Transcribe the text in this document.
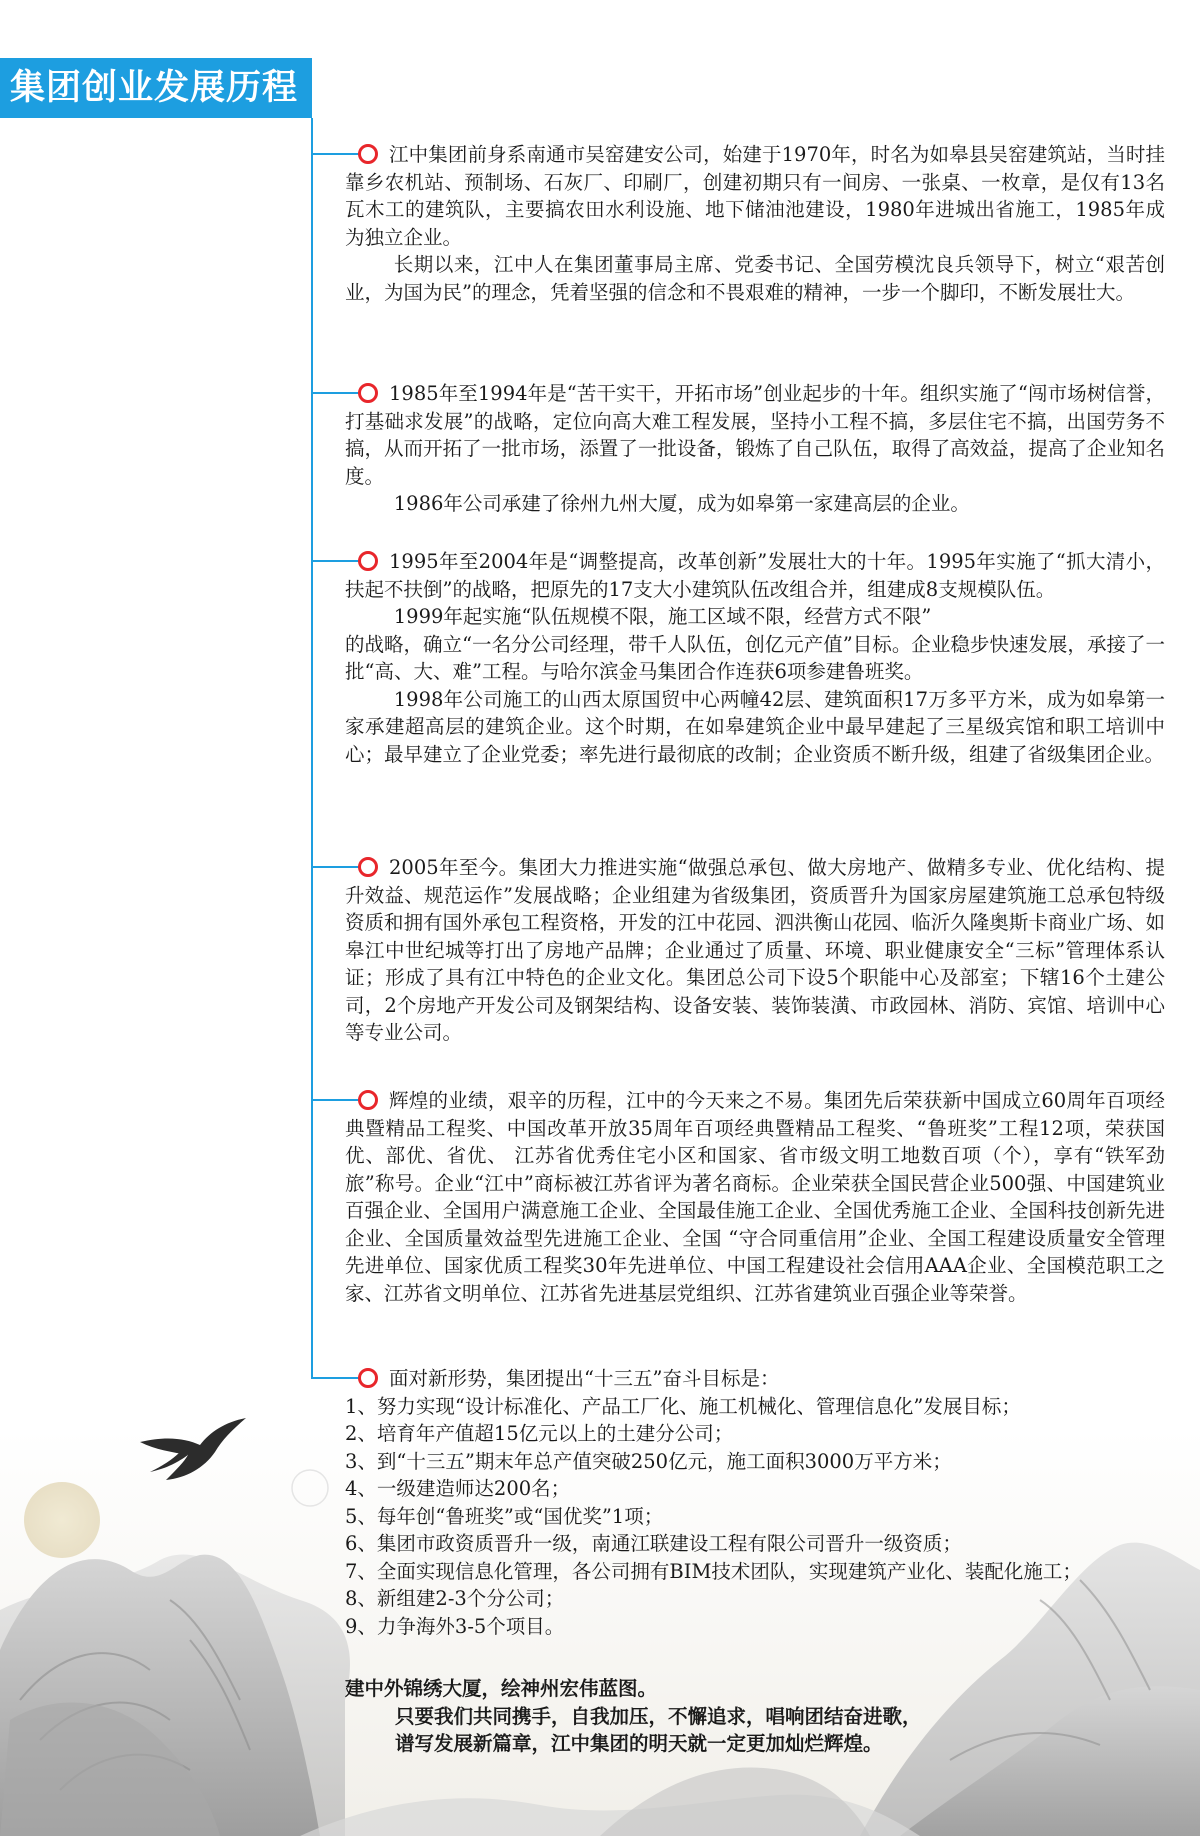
集团创业发展历程

江中集团前身系南通市吴窑建安公司，始建于1970年，时名为如皋县吴窑建筑站，当时挂靠乡农机站、预制场、石灰厂、印刷厂，创建初期只有一间房、一张桌、一枚章，是仅有13名瓦木工的建筑队，主要搞农田水利设施、地下储油池建设，1980年进城出省施工，1985年成为独立企业。

长期以来，江中人在集团董事局主席、党委书记、全国劳模沈良兵领导下，树立“艰苦创业，为国为民”的理念，凭着坚强的信念和不畏艰难的精神，一步一个脚印，不断发展壮大。

1985年至1994年是“苦干实干，开拓市场”创业起步的十年。组织实施了“闯市场树信誉，打基础求发展”的战略，定位向高大难工程发展，坚持小工程不搞，多层住宅不搞，出国劳务不搞，从而开拓了一批市场，添置了一批设备，锻炼了自己队伍，取得了高效益，提高了企业知名度。

1986年公司承建了徐州九州大厦，成为如皋第一家建高层的企业。

1995年至2004年是“调整提高，改革创新”发展壮大的十年。1995年实施了“抓大清小，扶起不扶倒”的战略，把原先的17支大小建筑队伍改组合并，组建成8支规模队伍。

1999年起实施“队伍规模不限，施工区域不限，经营方式不限”

的战略，确立“一名分公司经理，带千人队伍，创亿元产值”目标。企业稳步快速发展，承接了一批“高、大、难”工程。与哈尔滨金马集团合作连获6项参建鲁班奖。

1998年公司施工的山西太原国贸中心两幢42层、建筑面积17万多平方米，成为如皋第一家承建超高层的建筑企业。这个时期，在如皋建筑企业中最早建起了三星级宾馆和职工培训中心；最早建立了企业党委；率先进行最彻底的改制；企业资质不断升级，组建了省级集团企业。

2005年至今。集团大力推进实施“做强总承包、做大房地产、做精多专业、优化结构、提升效益、规范运作”发展战略；企业组建为省级集团，资质晋升为国家房屋建筑施工总承包特级资质和拥有国外承包工程资格，开发的江中花园、泗洪衡山花园、临沂久隆奥斯卡商业广场、如皋江中世纪城等打出了房地产品牌；企业通过了质量、环境、职业健康安全“三标”管理体系认证；形成了具有江中特色的企业文化。集团总公司下设5个职能中心及部室；下辖16个土建公司，2个房地产开发公司及钢架结构、设备安装、装饰装潢、市政园林、消防、宾馆、培训中心等专业公司。

辉煌的业绩，艰辛的历程，江中的今天来之不易。集团先后荣获新中国成立60周年百项经典暨精品工程奖、中国改革开放35周年百项经典暨精品工程奖、“鲁班奖”工程12项，荣获国优、部优、省优、 江苏省优秀住宅小区和国家、省市级文明工地数百项（个），享有“铁军劲旅”称号。企业“江中”商标被江苏省评为著名商标。企业荣获全国民营企业500强、中国建筑业百强企业、全国用户满意施工企业、全国最佳施工企业、全国优秀施工企业、全国科技创新先进企业、全国质量效益型先进施工企业、全国 “守合同重信用”企业、全国工程建设质量安全管理先进单位、国家优质工程奖30年先进单位、中国工程建设社会信用AAA企业、全国模范职工之家、江苏省文明单位、江苏省先进基层党组织、江苏省建筑业百强企业等荣誉。

面对新形势，集团提出“十三五”奋斗目标是：

1、努力实现“设计标准化、产品工厂化、施工机械化、管理信息化”发展目标；

2、培育年产值超15亿元以上的土建分公司；

3、到“十三五”期末年总产值突破250亿元，施工面积3000万平方米；

4、一级建造师达200名；

5、每年创“鲁班奖”或“国优奖”1项；

6、集团市政资质晋升一级，南通江联建设工程有限公司晋升一级资质；

7、全面实现信息化管理，各公司拥有BIM技术团队，实现建筑产业化、装配化施工；

8、新组建2-3个分公司；

9、力争海外3-5个项目。

建中外锦绣大厦，绘神州宏伟蓝图。

只要我们共同携手，自我加压，不懈追求，唱响团结奋进歌，

谱写发展新篇章，江中集团的明天就一定更加灿烂辉煌。
